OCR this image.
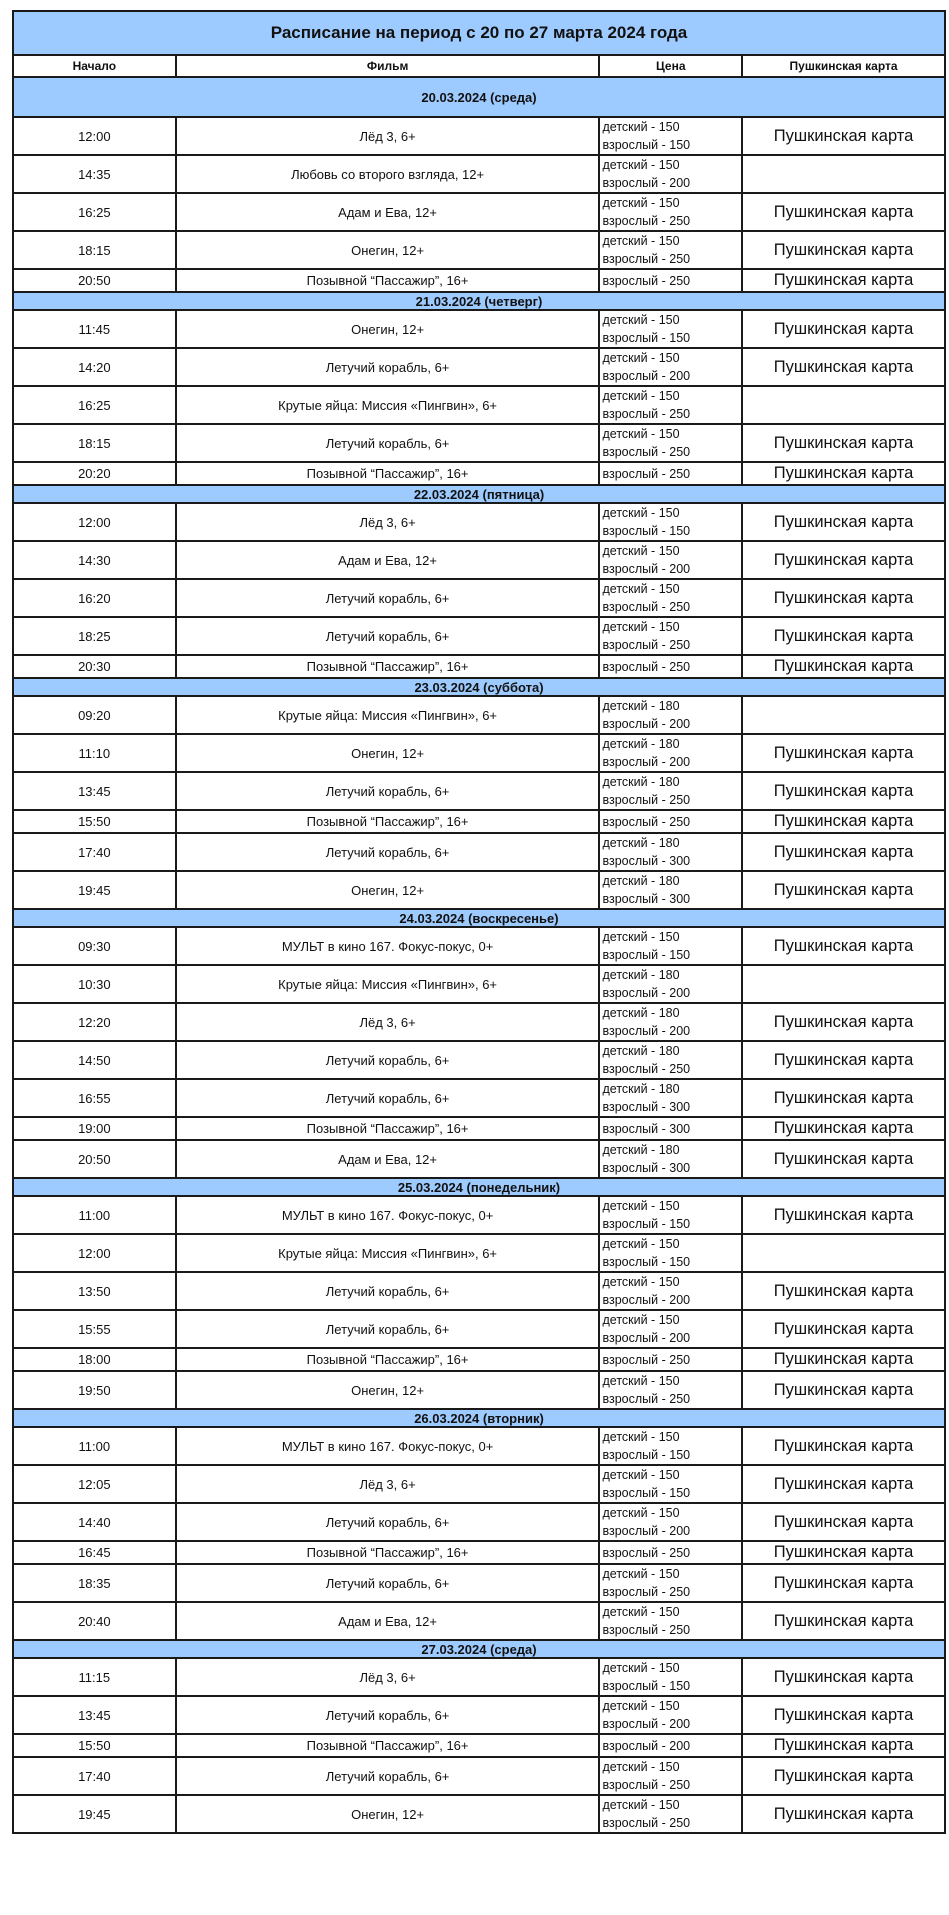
Расписание на период с 20 по 27 марта 2024 года			
Начало	Фильм	Цена	Пушкинская карта
20.03.2024 (среда)			
12:00	Лёд 3, 6+	детский - 150
взрослый - 150	Пушкинская карта
14:35	Любовь со второго взгляда, 12+	детский - 150
взрослый - 200	

16:25	Адам и Ева, 12+	детский - 150
взрослый - 250	Пушкинская карта
18:15	Онегин, 12+	детский - 150
взрослый - 250	Пушкинская карта
20:50	Позывной “Пассажир”, 16+	взрослый - 250	Пушкинская карта
21.03.2024 (четверг)			
11:45	Онегин, 12+	детский - 150
взрослый - 150	Пушкинская карта
14:20	Летучий корабль, 6+	детский - 150
взрослый - 200	Пушкинская карта
16:25	Крутые яйца: Миссия «Пингвин», 6+	детский - 150
взрослый - 250	

18:15	Летучий корабль, 6+	детский - 150
взрослый - 250	Пушкинская карта
20:20	Позывной “Пассажир”, 16+	взрослый - 250	Пушкинская карта
22.03.2024 (пятница)			
12:00	Лёд 3, 6+	детский - 150
взрослый - 150	Пушкинская карта
14:30	Адам и Ева, 12+	детский - 150
взрослый - 200	Пушкинская карта
16:20	Летучий корабль, 6+	детский - 150
взрослый - 250	Пушкинская карта
18:25	Летучий корабль, 6+	детский - 150
взрослый - 250	Пушкинская карта
20:30	Позывной “Пассажир”, 16+	взрослый - 250	Пушкинская карта
23.03.2024 (суббота)			
09:20	Крутые яйца: Миссия «Пингвин», 6+	детский - 180
взрослый - 200	

11:10	Онегин, 12+	детский - 180
взрослый - 200	Пушкинская карта
13:45	Летучий корабль, 6+	детский - 180
взрослый - 250	Пушкинская карта
15:50	Позывной “Пассажир”, 16+	взрослый - 250	Пушкинская карта
17:40	Летучий корабль, 6+	детский - 180
взрослый - 300	Пушкинская карта
19:45	Онегин, 12+	детский - 180
взрослый - 300	Пушкинская карта
24.03.2024 (воскресенье)			
09:30	МУЛЬТ в кино 167. Фокус-покус, 0+	детский - 150
взрослый - 150	Пушкинская карта
10:30	Крутые яйца: Миссия «Пингвин», 6+	детский - 180
взрослый - 200	

12:20	Лёд 3, 6+	детский - 180
взрослый - 200	Пушкинская карта
14:50	Летучий корабль, 6+	детский - 180
взрослый - 250	Пушкинская карта
16:55	Летучий корабль, 6+	детский - 180
взрослый - 300	Пушкинская карта
19:00	Позывной “Пассажир”, 16+	взрослый - 300	Пушкинская карта
20:50	Адам и Ева, 12+	детский - 180
взрослый - 300	Пушкинская карта
25.03.2024 (понедельник)			
11:00	МУЛЬТ в кино 167. Фокус-покус, 0+	детский - 150
взрослый - 150	Пушкинская карта
12:00	Крутые яйца: Миссия «Пингвин», 6+	детский - 150
взрослый - 150	

13:50	Летучий корабль, 6+	детский - 150
взрослый - 200	Пушкинская карта
15:55	Летучий корабль, 6+	детский - 150
взрослый - 200	Пушкинская карта
18:00	Позывной “Пассажир”, 16+	взрослый - 250	Пушкинская карта
19:50	Онегин, 12+	детский - 150
взрослый - 250	Пушкинская карта
26.03.2024 (вторник)			
11:00	МУЛЬТ в кино 167. Фокус-покус, 0+	детский - 150
взрослый - 150	Пушкинская карта
12:05	Лёд 3, 6+	детский - 150
взрослый - 150	Пушкинская карта
14:40	Летучий корабль, 6+	детский - 150
взрослый - 200	Пушкинская карта
16:45	Позывной “Пассажир”, 16+	взрослый - 250	Пушкинская карта
18:35	Летучий корабль, 6+	детский - 150
взрослый - 250	Пушкинская карта
20:40	Адам и Ева, 12+	детский - 150
взрослый - 250	Пушкинская карта
27.03.2024 (среда)			
11:15	Лёд 3, 6+	детский - 150
взрослый - 150	Пушкинская карта
13:45	Летучий корабль, 6+	детский - 150
взрослый - 200	Пушкинская карта
15:50	Позывной “Пассажир”, 16+	взрослый - 200	Пушкинская карта
17:40	Летучий корабль, 6+	детский - 150
взрослый - 250	Пушкинская карта
19:45	Онегин, 12+	детский - 150
взрослый - 250	Пушкинская карта
